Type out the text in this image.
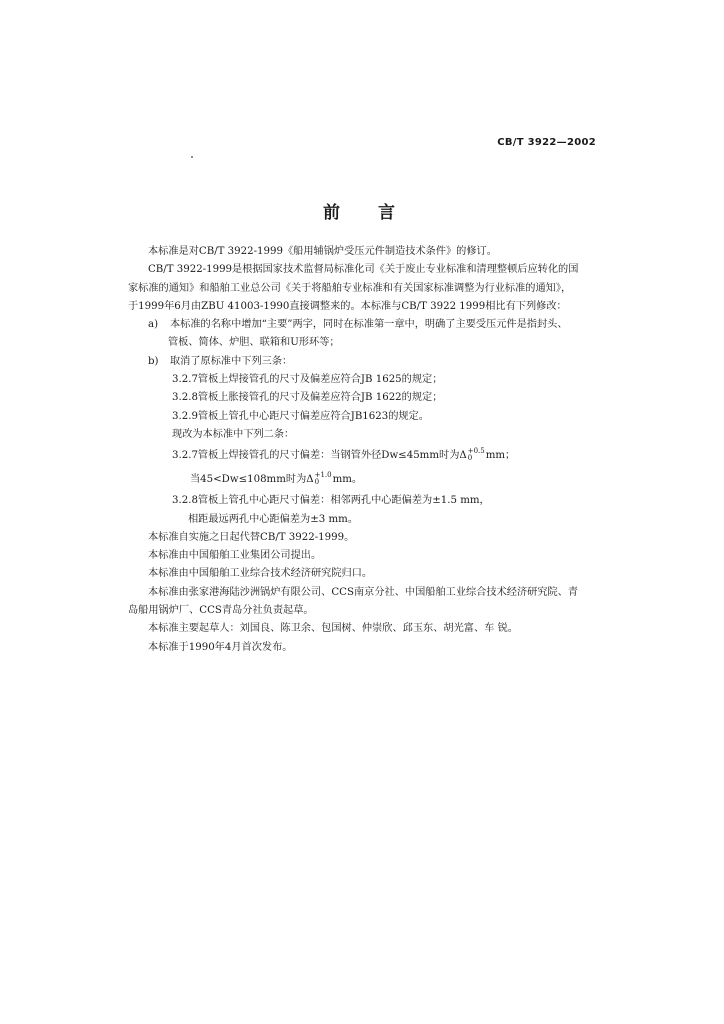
CB/T 3922—2002
前 言
本标准是对CB/T 3922-1999《船用辅锅炉受压元件制造技术条件》的修订。
CB/T 3922-1999是根据国家技术监督局标准化司《关于废止专业标准和清理整顿后应转化的国
家标准的通知》和船舶工业总公司《关于将船舶专业标准和有关国家标准调整为行业标准的通知》，
于1999年6月由ZBU 41003-1990直接调整来的。本标准与CB/T 3922 1999相比有下列修改：
a) 本标准的名称中增加“主要”两字，同时在标准第一章中，明确了主要受压元件是指封头、
管板、简体、炉胆、联箱和U形环等；
b) 取消了原标准中下列三条：
3.2.7管板上焊接管孔的尺寸及偏差应符合JB 1625的规定；
3.2.8管板上胀接管孔的尺寸及偏差应符合JB 1622的规定；
3.2.9管板上管孔中心距尺寸偏差应符合JB1623的规定。
现改为本标准中下列二条：
3.2.7管板上焊接管孔的尺寸偏差：当钢管外径Dw≤45mm时为Δ +0.5
0	mm；
当45<Dw≤108mm时为Δ +1.0
0	mm。
3.2.8管板上管孔中心距尺寸偏差：相邻两孔中心距偏差为±1.5 mm，
相距最远两孔中心距偏差为±3 mm。
本标准自实施之日起代替CB/T 3922-1999。
本标准由中国船舶工业集团公司提出。
本标准由中国船舶工业综合技术经济研究院归口。
本标准由张家港海陆沙洲锅炉有限公司、CCS南京分社、中国船舶工业综合技术经济研究院、青
岛船用锅炉厂、CCS青岛分社负责起草。
本标准主要起草人：刘国良、陈卫余、包国树、仲崇欣、邱玉东、胡光富、车 锐。
本标准于1990年4月首次发布。
